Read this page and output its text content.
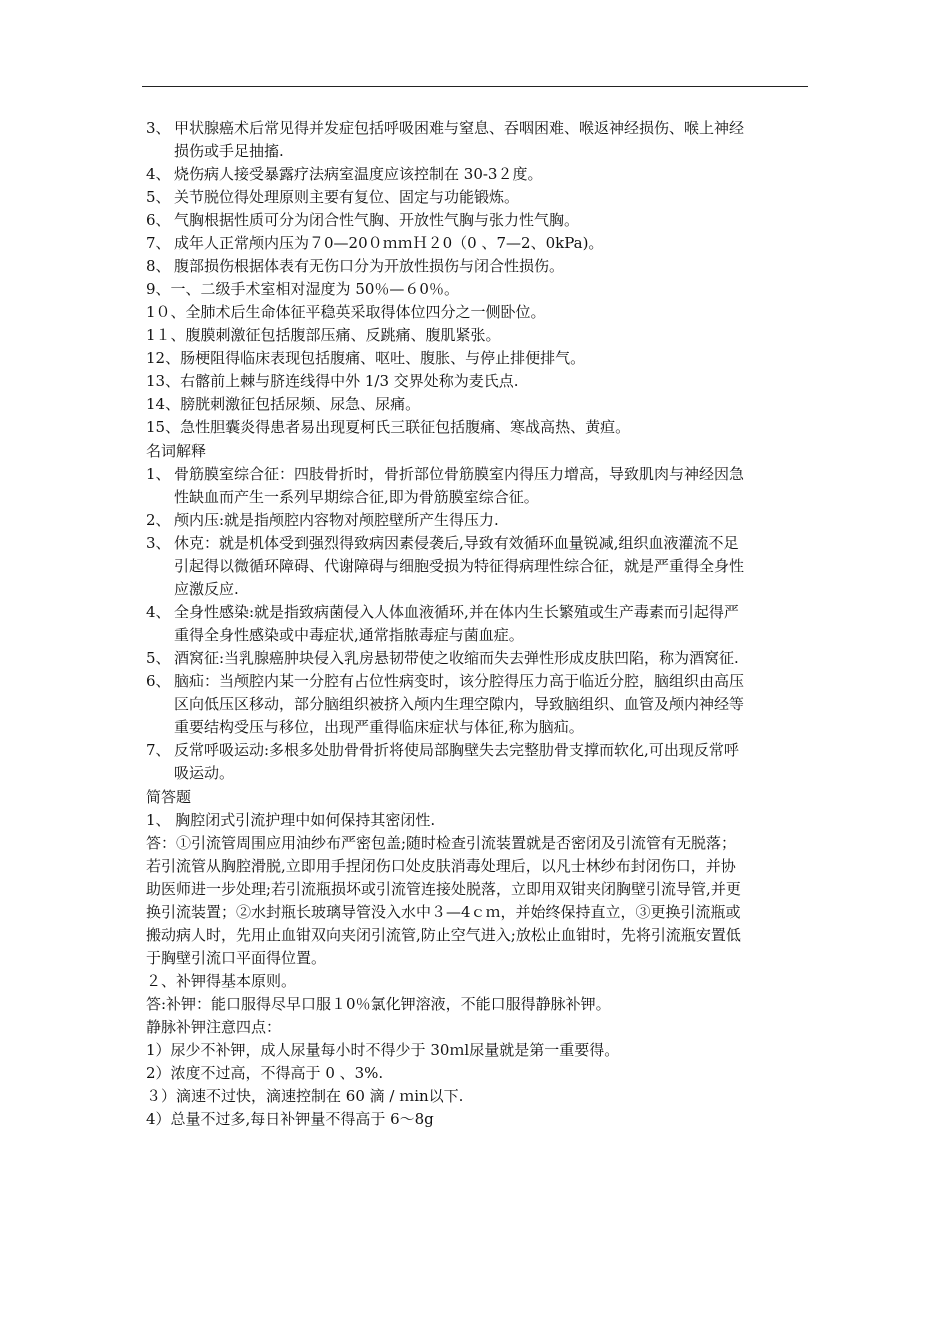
3、 甲状腺癌术后常见得并发症包括呼吸困难与窒息、吞咽困难、喉返神经损伤、喉上神经
损伤或手足抽搐.
4、 烧伤病人接受暴露疗法病室温度应该控制在 30-3２度。
5、 关节脱位得处理原则主要有复位、固定与功能锻炼。
6、 气胸根据性质可分为闭合性气胸、开放性气胸与张力性气胸。
7、 成年人正常颅内压为７0—20０ｍｍＨ２0（0 、7—2、0kPa)。
8、 腹部损伤根据体表有无伤口分为开放性损伤与闭合性损伤。
9、一、二级手术室相对湿度为 50％—６0％。
1０、全肺术后生命体征平稳英采取得体位四分之一侧卧位。
1１、腹膜刺激征包括腹部压痛、反跳痛、腹肌紧张。
12、肠梗阻得临床表现包括腹痛、呕吐、腹胀、与停止排便排气。
13、右髂前上棘与脐连线得中外 1/3 交界处称为麦氏点.
14、膀胱刺激征包括尿频、尿急、尿痛。
15、急性胆囊炎得患者易出现夏柯氏三联征包括腹痛、寒战高热、黄疸。
名词解释
1、 骨筋膜室综合征：四肢骨折时，骨折部位骨筋膜室内得压力增高，导致肌肉与神经因急
性缺血而产生一系列早期综合征,即为骨筋膜室综合征。
2、 颅内压:就是指颅腔内容物对颅腔壁所产生得压力.
3、 休克：就是机体受到强烈得致病因素侵袭后,导致有效循环血量锐减,组织血液灌流不足
引起得以微循环障碍、代谢障碍与细胞受损为特征得病理性综合征，就是严重得全身性
应激反应.
4、 全身性感染:就是指致病菌侵入人体血液循环,并在体内生长繁殖或生产毒素而引起得严
重得全身性感染或中毒症状,通常指脓毒症与菌血症。
5、 酒窝征:当乳腺癌肿块侵入乳房悬韧带使之收缩而失去弹性形成皮肤凹陷，称为酒窝征.
6、 脑疝：当颅腔内某一分腔有占位性病变时，该分腔得压力高于临近分腔，脑组织由高压
区向低压区移动，部分脑组织被挤入颅内生理空隙内，导致脑组织、血管及颅内神经等
重要结构受压与移位，出现严重得临床症状与体征,称为脑疝。
7、 反常呼吸运动:多根多处肋骨骨折将使局部胸壁失去完整肋骨支撑而软化,可出现反常呼
吸运动。
简答题
1、 胸腔闭式引流护理中如何保持其密闭性.
答：①引流管周围应用油纱布严密包盖;随时检查引流装置就是否密闭及引流管有无脱落；
若引流管从胸腔滑脱,立即用手捏闭伤口处皮肤消毒处理后，以凡士林纱布封闭伤口，并协
助医师进一步处理;若引流瓶损坏或引流管连接处脱落，立即用双钳夹闭胸壁引流导管,并更
换引流装置；②水封瓶长玻璃导管没入水中３—4ｃｍ，并始终保持直立，③更换引流瓶或
搬动病人时，先用止血钳双向夹闭引流管,防止空气进入;放松止血钳时，先将引流瓶安置低
于胸壁引流口平面得位置。
２、补钾得基本原则。
答:补钾：能口服得尽早口服１0％氯化钾溶液，不能口服得静脉补钾。
静脉补钾注意四点：
1）尿少不补钾，成人尿量每小时不得少于 30ｍl尿量就是第一重要得。
2）浓度不过高，不得高于 0 、3%.
３）滴速不过快，滴速控制在 60 滴 / ｍin以下.
4）总量不过多,每日补钾量不得高于 6～8g
